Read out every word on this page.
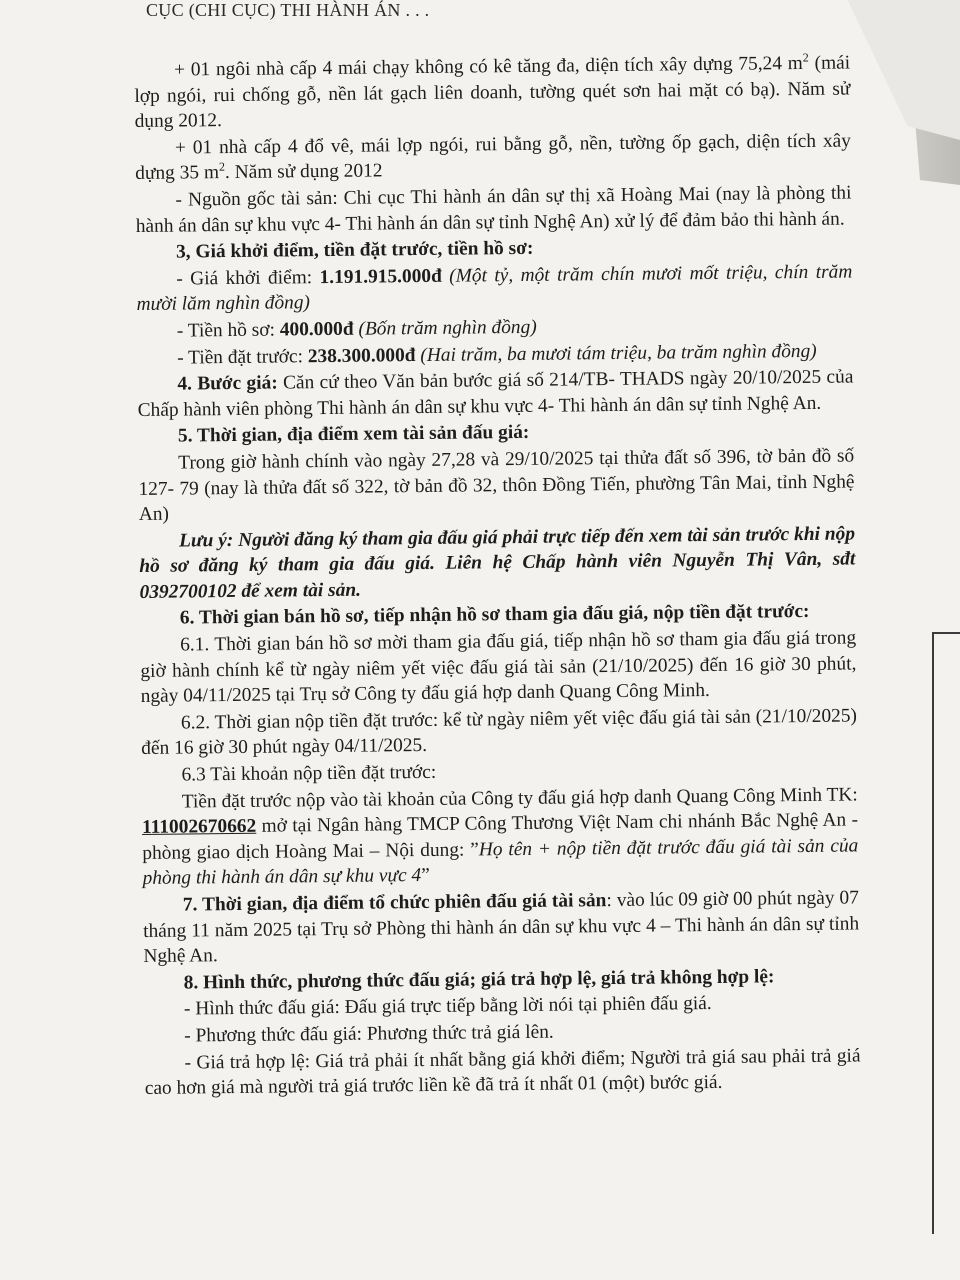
CỤC (CHI CỤC) THI HÀNH ÁN . . .

+ 01 ngôi nhà cấp 4 mái chạy không có kê tăng đa, diện tích xây dựng 75,24 $m^2$ (mái lợp ngói, rui chống gỗ, nền lát gạch liên doanh, tường quét sơn hai mặt có bạ). Năm sử dụng 2012.

+ 01 nhà cấp 4 đổ vê, mái lợp ngói, rui bằng gỗ, nền, tường ốp gạch, diện tích xây dựng 35 $m^2$. Năm sử dụng 2012

- Nguồn gốc tài sản: Chi cục Thi hành án dân sự thị xã Hoàng Mai (nay là phòng thi hành án dân sự khu vực 4- Thi hành án dân sự tỉnh Nghệ An) xử lý để đảm bảo thi hành án.

3, Giá khởi điểm, tiền đặt trước, tiền hồ sơ:

- Giá khởi điểm: 1.191.915.000đ (Một tỷ, một trăm chín mươi mốt triệu, chín trăm mười lăm nghìn đồng)

- Tiền hồ sơ: 400.000đ (Bốn trăm nghìn đồng)

- Tiền đặt trước: 238.300.000đ (Hai trăm, ba mươi tám triệu, ba trăm nghìn đồng)

4. Bước giá: Căn cứ theo Văn bản bước giá số 214/TB- THADS ngày 20/10/2025 của Chấp hành viên phòng Thi hành án dân sự khu vực 4- Thi hành án dân sự tỉnh Nghệ An.

5. Thời gian, địa điểm xem tài sản đấu giá:

Trong giờ hành chính vào ngày 27,28 và 29/10/2025 tại thửa đất số 396, tờ bản đồ số 127- 79 (nay là thửa đất số 322, tờ bản đồ 32, thôn Đồng Tiến, phường Tân Mai, tỉnh Nghệ An)

Lưu ý: Người đăng ký tham gia đấu giá phải trực tiếp đến xem tài sản trước khi nộp hồ sơ đăng ký tham gia đấu giá. Liên hệ Chấp hành viên Nguyễn Thị Vân, sđt 0392700102 để xem tài sản.

6. Thời gian bán hồ sơ, tiếp nhận hồ sơ tham gia đấu giá, nộp tiền đặt trước:

6.1. Thời gian bán hồ sơ mời tham gia đấu giá, tiếp nhận hồ sơ tham gia đấu giá trong giờ hành chính kể từ ngày niêm yết việc đấu giá tài sản (21/10/2025) đến 16 giờ 30 phút, ngày 04/11/2025 tại Trụ sở Công ty đấu giá hợp danh Quang Công Minh.

6.2. Thời gian nộp tiền đặt trước: kể từ ngày niêm yết việc đấu giá tài sản (21/10/2025) đến 16 giờ 30 phút ngày 04/11/2025.

6.3 Tài khoản nộp tiền đặt trước:

Tiền đặt trước nộp vào tài khoản của Công ty đấu giá hợp danh Quang Công Minh TK: 111002670662 mở tại Ngân hàng TMCP Công Thương Việt Nam chi nhánh Bắc Nghệ An - phòng giao dịch Hoàng Mai – Nội dung: ”Họ tên + nộp tiền đặt trước đấu giá tài sản của phòng thi hành án dân sự khu vực 4”

7. Thời gian, địa điểm tổ chức phiên đấu giá tài sản: vào lúc 09 giờ 00 phút ngày 07 tháng 11 năm 2025 tại Trụ sở Phòng thi hành án dân sự khu vực 4 – Thi hành án dân sự tỉnh Nghệ An.

8. Hình thức, phương thức đấu giá; giá trả hợp lệ, giá trả không hợp lệ:

- Hình thức đấu giá: Đấu giá trực tiếp bằng lời nói tại phiên đấu giá.

- Phương thức đấu giá: Phương thức trả giá lên.

- Giá trả hợp lệ: Giá trả phải ít nhất bằng giá khởi điểm; Người trả giá sau phải trả giá cao hơn giá mà người trả giá trước liền kề đã trả ít nhất 01 (một) bước giá.
